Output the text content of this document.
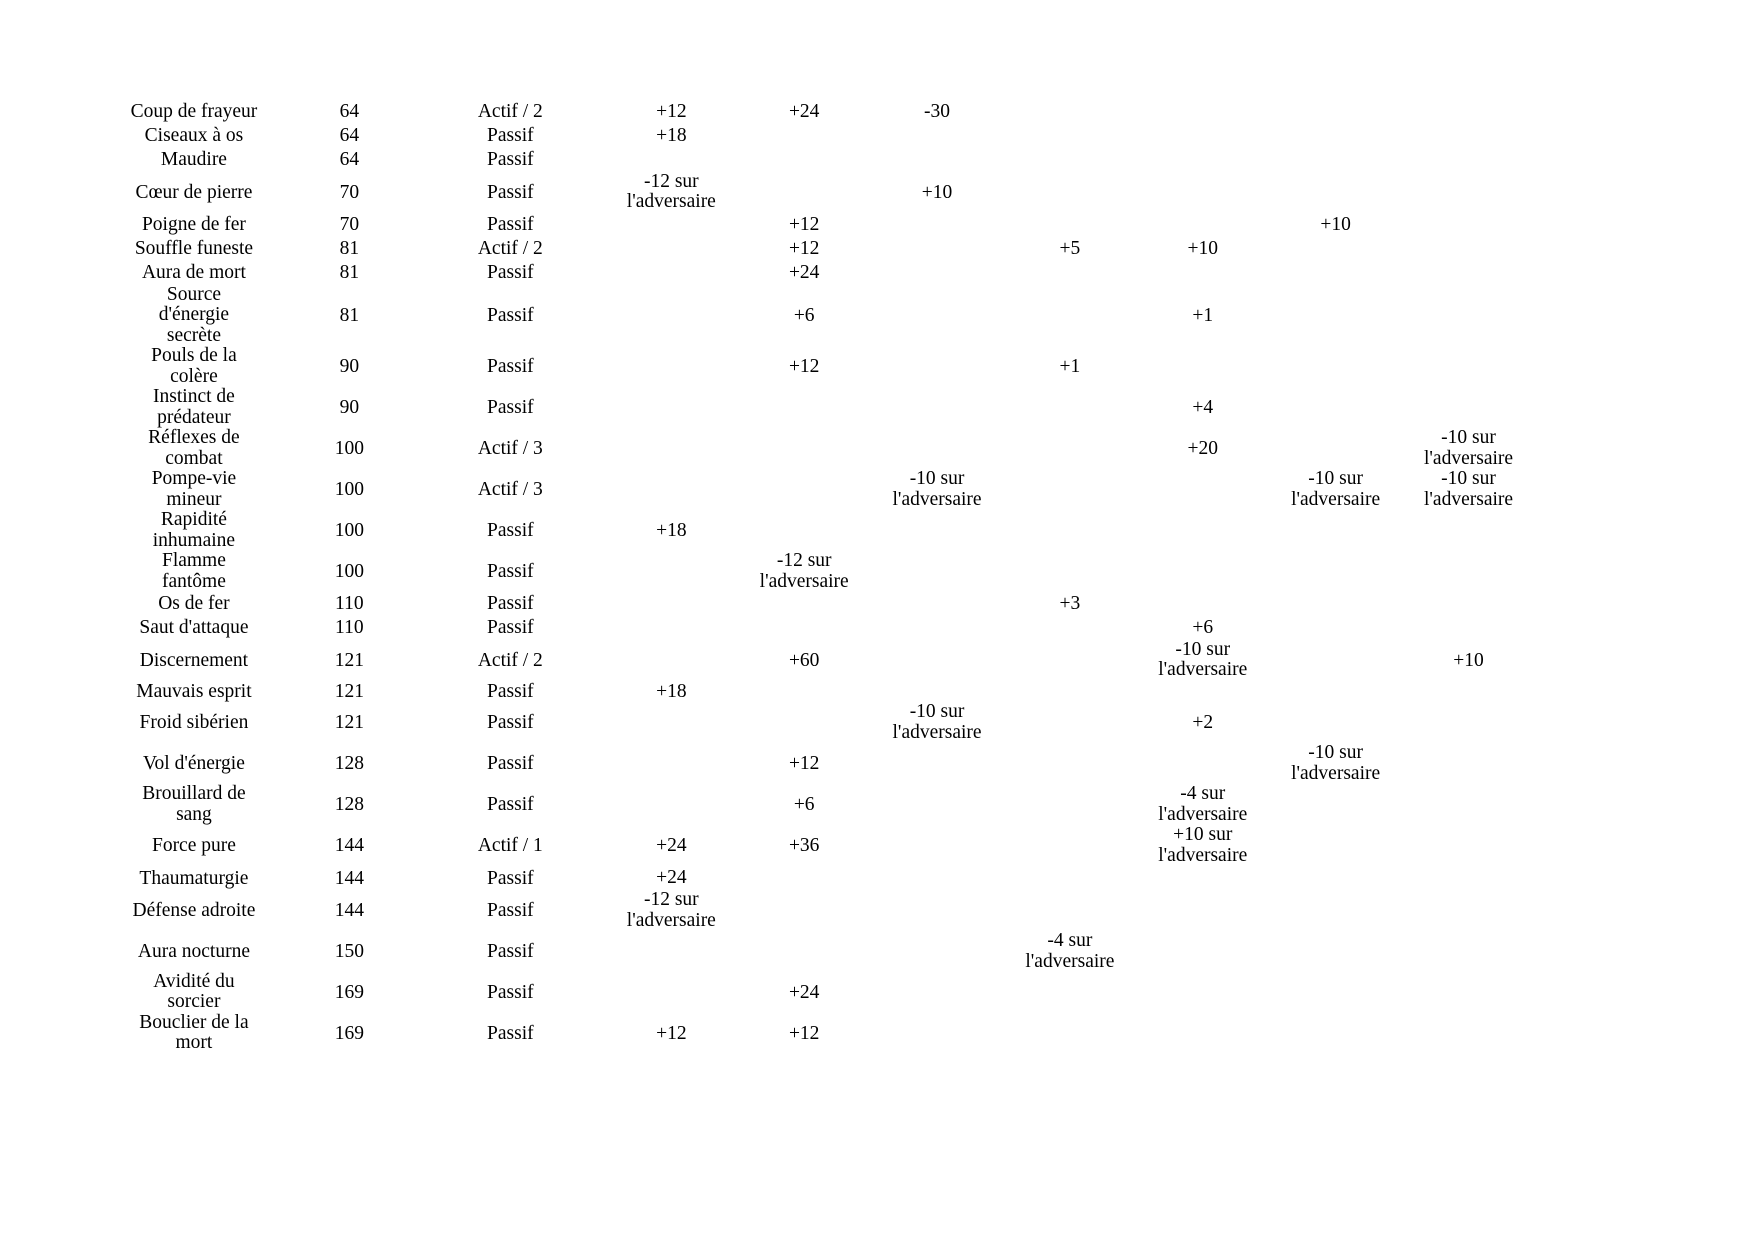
Coup de frayeur	64	Actif / 2	+12	+24	-30				
Ciseaux à os	64	Passif	+18						
Maudire	64	Passif							
Cœur de pierre	70	Passif	-12 sur l'adversaire		+10				
Poigne de fer	70	Passif		+12				+10	
Souffle funeste	81	Actif / 2		+12		+5	+10		
Aura de mort	81	Passif		+24					
Source d'énergie secrète	81	Passif		+6			+1		
Pouls de la colère	90	Passif		+12		+1			
Instinct de prédateur	90	Passif					+4		
Réflexes de combat	100	Actif / 3					+20		-10 sur l'adversaire
Pompe-vie mineur	100	Actif / 3			-10 sur l'adversaire			-10 sur l'adversaire	-10 sur l'adversaire
Rapidité inhumaine	100	Passif	+18						
Flamme fantôme	100	Passif		-12 sur l'adversaire					
Os de fer	110	Passif				+3			
Saut d'attaque	110	Passif					+6		
Discernement	121	Actif / 2		+60			-10 sur l'adversaire		+10
Mauvais esprit	121	Passif	+18						
Froid sibérien	121	Passif			-10 sur l'adversaire		+2		
Vol d'énergie	128	Passif		+12				-10 sur l'adversaire	
Brouillard de sang	128	Passif		+6			-4 sur l'adversaire		
Force pure	144	Actif / 1	+24	+36			+10 sur l'adversaire		
Thaumaturgie	144	Passif	+24						
Défense adroite	144	Passif	-12 sur l'adversaire						
Aura nocturne	150	Passif				-4 sur l'adversaire			
Avidité du sorcier	169	Passif		+24					
Bouclier de la mort	169	Passif	+12	+12					
